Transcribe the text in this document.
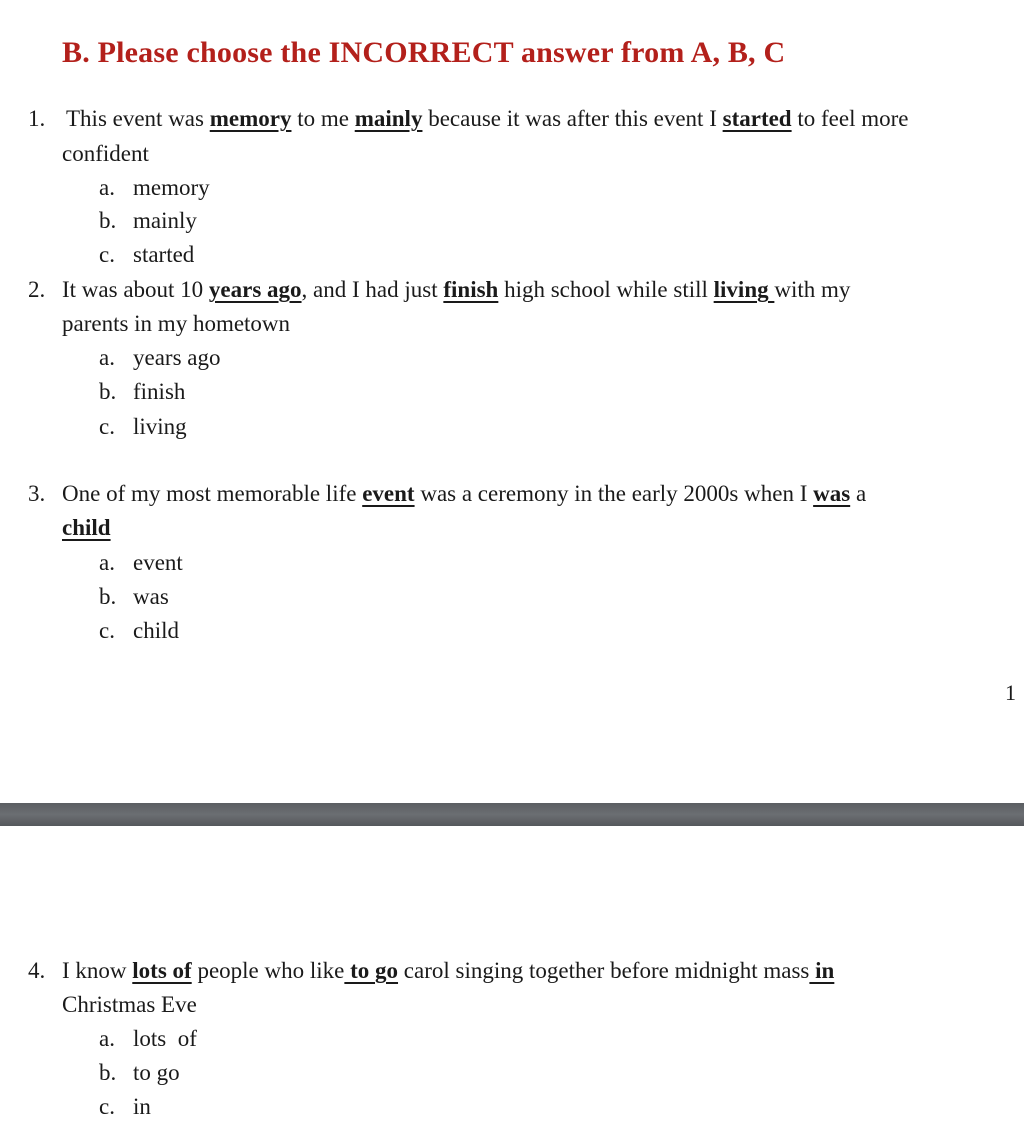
B. Please choose the INCORRECT answer from A, B, C
1. This event was memory to me mainly because it was after this event I started to feel more
confident
a. memory
b. mainly
c. started
2. It was about 10 years ago, and I had just finish high school while still living with my
parents in my hometown
a. years ago
b. finish
c. living
3. One of my most memorable life event was a ceremony in the early 2000s when I was a
child
a. event
b. was
c. child
1
4. I know lots of people who like to go carol singing together before midnight mass in
Christmas Eve
a. lots  of
b. to go
c. in
